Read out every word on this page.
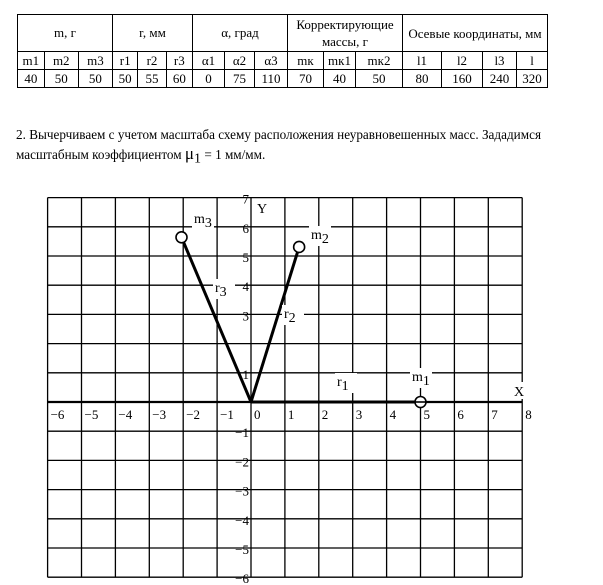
m, г			r, мм			α, град			Корректирующие массы, г			Осевые координаты, мм			
m1	m2	m3	r1	r2	r3	α1	α2	α3	mк	mк1	mк2	l1	l2	l3	l
40	50	50	50	55	60	0	75	110	70	40	50	80	160	240	320
2. Вычерчиваем с учетом масштаба схему расположения неуравновешенных масс. Зададимся масштабным коэффициентом $\mu_1 = 1$ мм/мм.
−6 −5 −4 −3 −2 −1 0 1 2 3 4 5 6 7 8
7
6
5
4
3
1
−1
−2
−3
−4
−5
−6
m1
m2
m3
r1
r2
r3
X
Y
